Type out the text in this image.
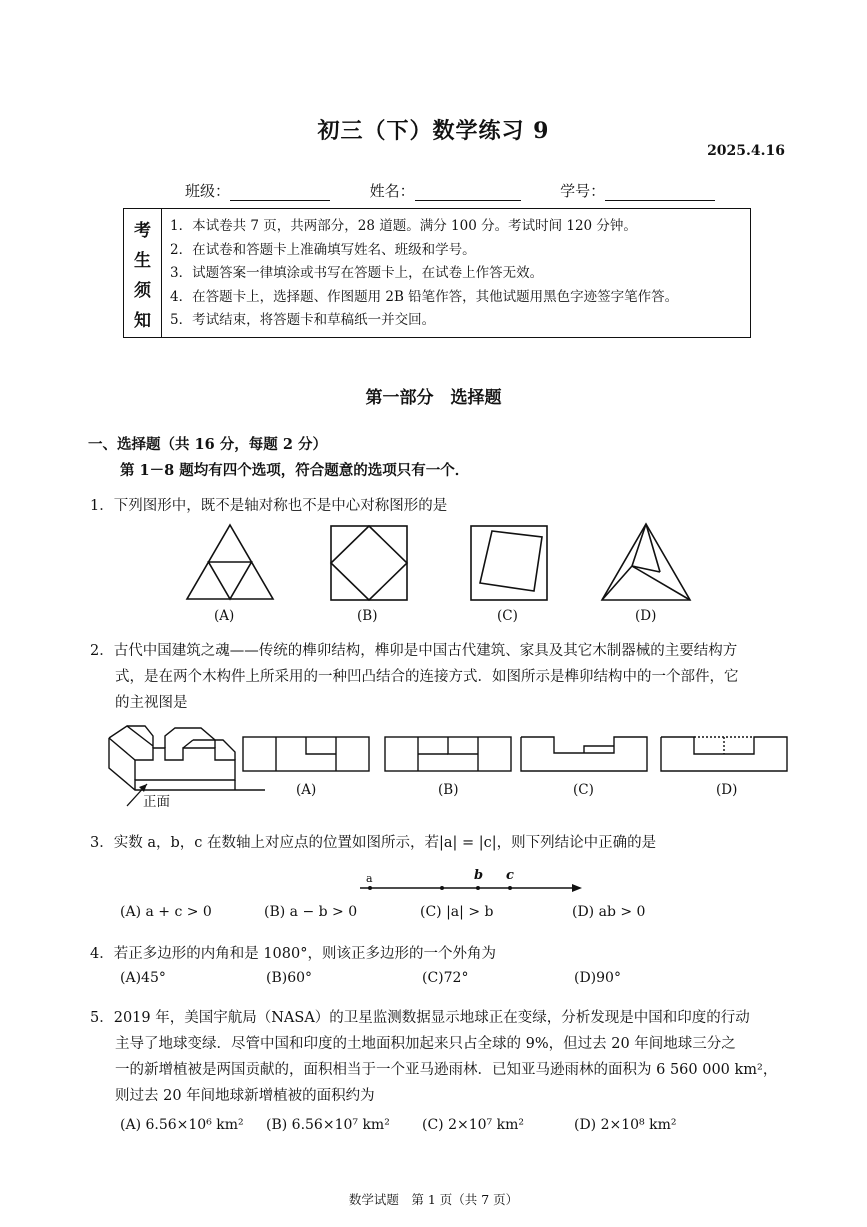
初三（下）数学练习 9
2025.4.16
班级：	姓名：	学号：
考
生
须
知
1．本试卷共 7 页，共两部分，28 道题。满分 100 分。考试时间 120 分钟。
2．在试卷和答题卡上准确填写姓名、班级和学号。
3．试题答案一律填涂或书写在答题卡上，在试卷上作答无效。
4．在答题卡上，选择题、作图题用 2B 铅笔作答，其他试题用黑色字迹签字笔作答。
5．考试结束，将答题卡和草稿纸一并交回。
第一部分　选择题
一、选择题（共 16 分，每题 2 分）
第 1－8 题均有四个选项，符合题意的选项只有一个．
1．下列图形中，既不是轴对称也不是中心对称图形的是
(A)	(B)	(C)	(D)
2．古代中国建筑之魂——传统的榫卯结构，榫卯是中国古代建筑、家具及其它木制器械的主要结构方
式，是在两个木构件上所采用的一种凹凸结合的连接方式．如图所示是榫卯结构中的一个部件，它
的主视图是
正面
(A)	(B)	(C)	(D)
3．实数 a，b，c 在数轴上对应点的位置如图所示，若|a| = |c|，则下列结论中正确的是
a	b c
(A) a + c > 0	(B) a − b > 0	(C) |a| > b	(D) ab > 0
4．若正多边形的内角和是 1080°，则该正多边形的一个外角为
(A)45°	(B)60°	(C)72°	(D)90°
5．2019 年，美国宇航局（NASA）的卫星监测数据显示地球正在变绿，分析发现是中国和印度的行动
主导了地球变绿．尽管中国和印度的土地面积加起来只占全球的 9%，但过去 20 年间地球三分之
一的新增植被是两国贡献的，面积相当于一个亚马逊雨林．已知亚马逊雨林的面积为 6 560 000 km²，
则过去 20 年间地球新增植被的面积约为
(A) 6.56×10⁶ km² (B) 6.56×10⁷ km² (C) 2×10⁷ km²	(D) 2×10⁸ km²
数学试题　第 1 页（共 7 页）
